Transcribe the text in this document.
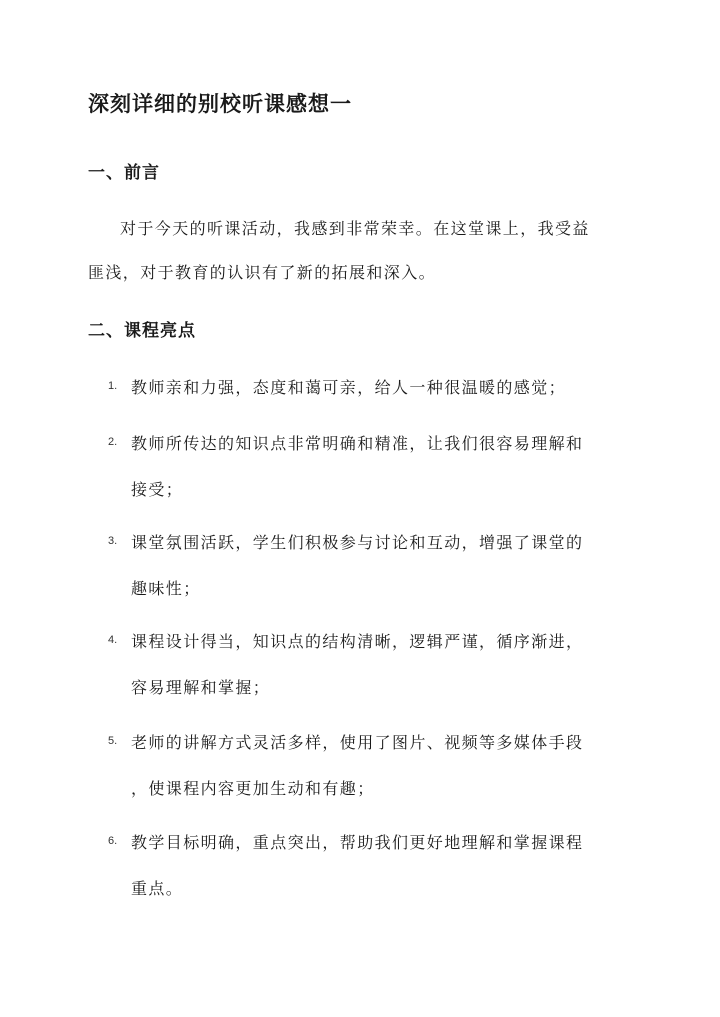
深刻详细的别校听课感想一
一、前言
对于今天的听课活动，我感到非常荣幸。在这堂课上，我受益
匪浅，对于教育的认识有了新的拓展和深入。
二、课程亮点
1. 教师亲和力强，态度和蔼可亲，给人一种很温暖的感觉；
2. 教师所传达的知识点非常明确和精准，让我们很容易理解和
接受；
3. 课堂氛围活跃，学生们积极参与讨论和互动，增强了课堂的
趣味性；
4. 课程设计得当，知识点的结构清晰，逻辑严谨，循序渐进，
容易理解和掌握；
5. 老师的讲解方式灵活多样，使用了图片、视频等多媒体手段
，使课程内容更加生动和有趣；
6. 教学目标明确，重点突出，帮助我们更好地理解和掌握课程
重点。
